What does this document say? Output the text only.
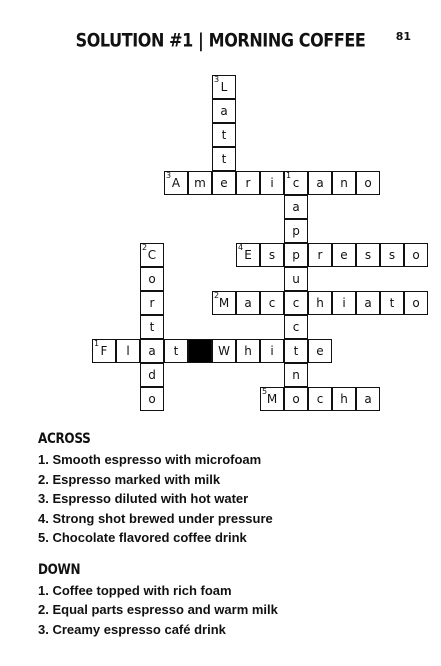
SOLUTION #1 | MORNING COFFEE	81
3
L
a
t
t
3
A	m	e	r	i
1
c	a	n	o
a
p
2
C
4
E	s	p	r	e	s	s	o
o	u
r
2
M	a	c	c	h	i	a	t	o
t	c
1
F	l	a	t	W	h	i	t	e
d	n
o
5
M	o	c	h	a
ACROSS
1. Smooth espresso with microfoam
2. Espresso marked with milk
3. Espresso diluted with hot water
4. Strong shot brewed under pressure
5. Chocolate flavored coffee drink
DOWN
1. Coffee topped with rich foam
2. Equal parts espresso and warm milk
3. Creamy espresso café drink
